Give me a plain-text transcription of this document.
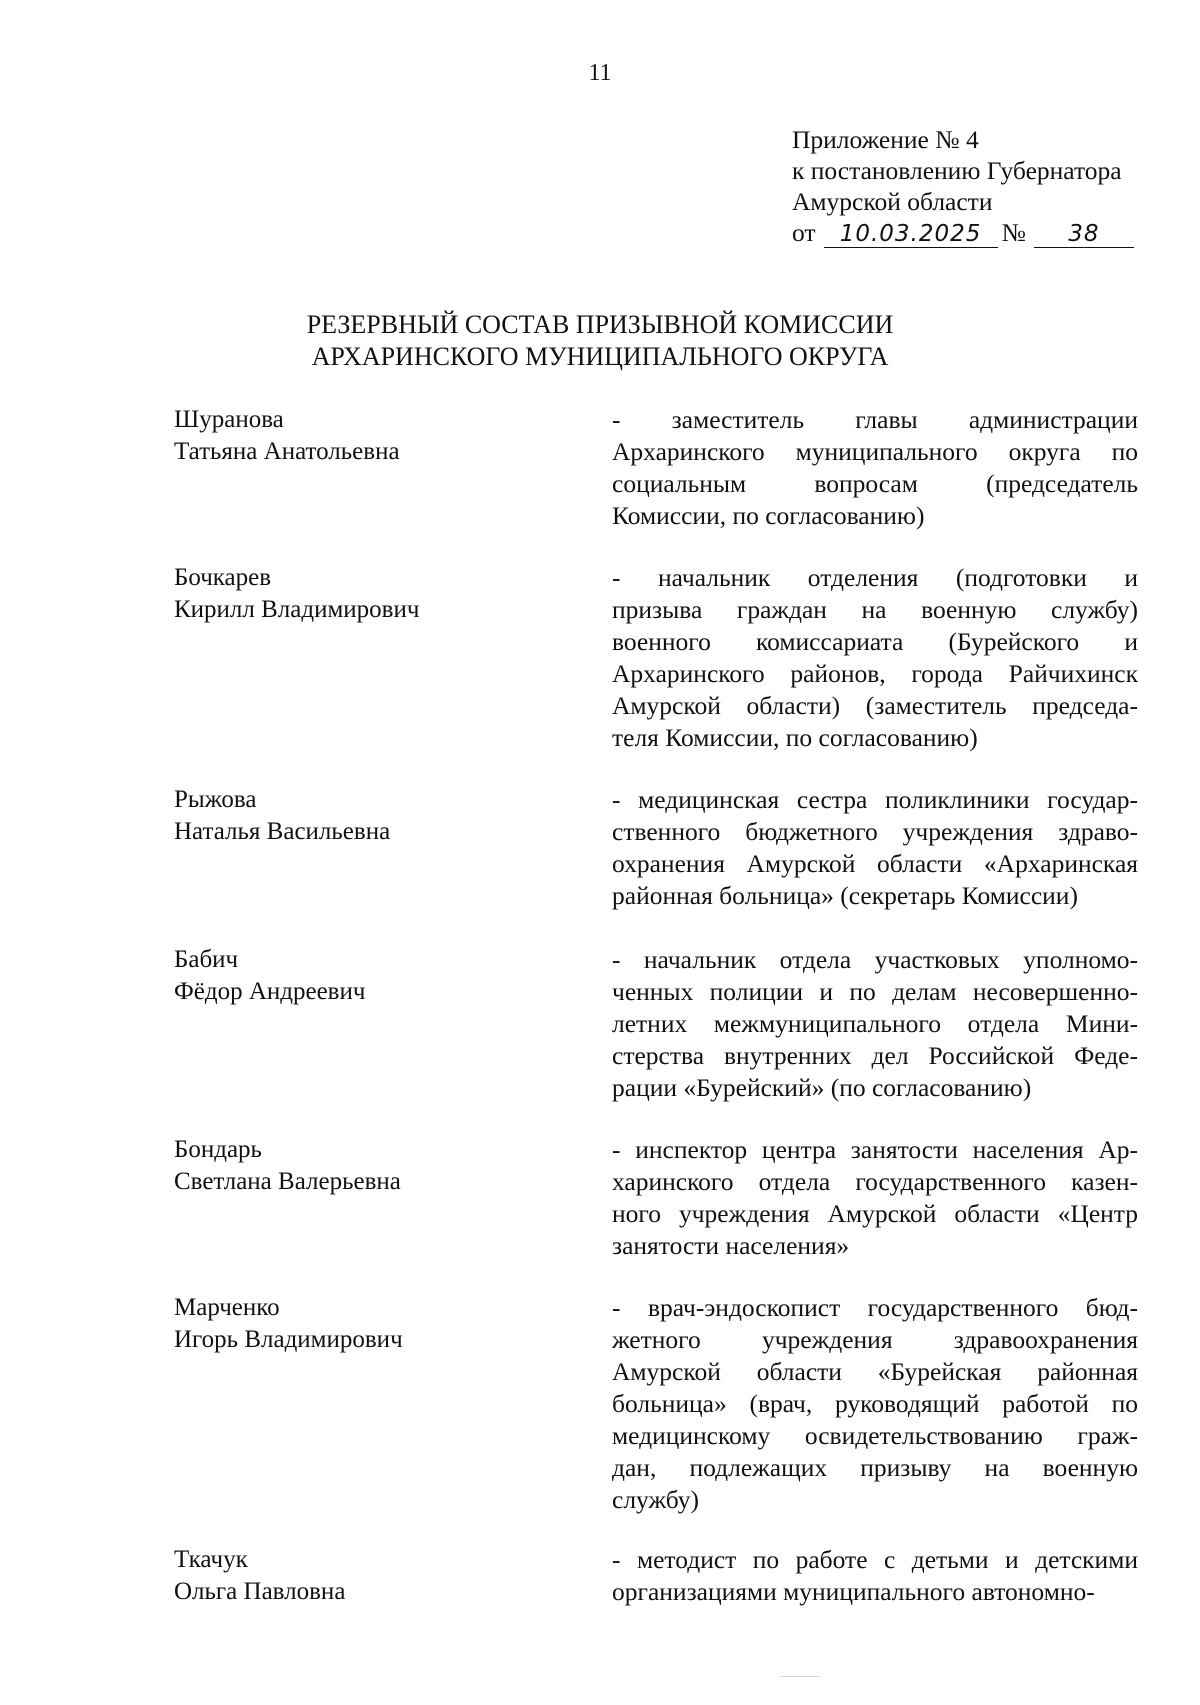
11
Приложение № 4
к постановлению Губернатора
Амурской области
от	10.03.2025 №	38
РЕЗЕРВНЫЙ СОСТАВ ПРИЗЫВНОЙ КОМИССИИ
АРХАРИНСКОГО МУНИЦИПАЛЬНОГО ОКРУГА
Шуранова
Татьяна Анатольевна
- заместитель главы администрации
Архаринского муниципального округа по
социальным вопросам (председатель
Комиссии, по согласованию)
Бочкарев
Кирилл Владимирович
- начальник отделения (подготовки и
призыва граждан на военную службу)
военного комиссариата (Бурейского и
Архаринского районов, города Райчихинск
Амурской области) (заместитель председа-
теля Комиссии, по согласованию)
Рыжова
Наталья Васильевна
- медицинская сестра поликлиники государ-
ственного бюджетного учреждения здраво-
охранения Амурской области «Архаринская
районная больница» (секретарь Комиссии)
Бабич
Фёдор Андреевич
- начальник отдела участковых уполномо-
ченных полиции и по делам несовершенно-
летних межмуниципального отдела Мини-
стерства внутренних дел Российской Феде-
рации «Бурейский» (по согласованию)
Бондарь
Светлана Валерьевна
- инспектор центра занятости населения Ар-
харинского отдела государственного казен-
ного учреждения Амурской области «Центр
занятости населения»
Марченко
Игорь Владимирович
- врач-эндоскопист государственного бюд-
жетного учреждения здравоохранения
Амурской области «Бурейская районная
больница» (врач, руководящий работой по
медицинскому освидетельствованию граж-
дан, подлежащих призыву на военную
службу)
Ткачук
Ольга Павловна
- методист по работе с детьми и детскими
организациями муниципального автономно-
